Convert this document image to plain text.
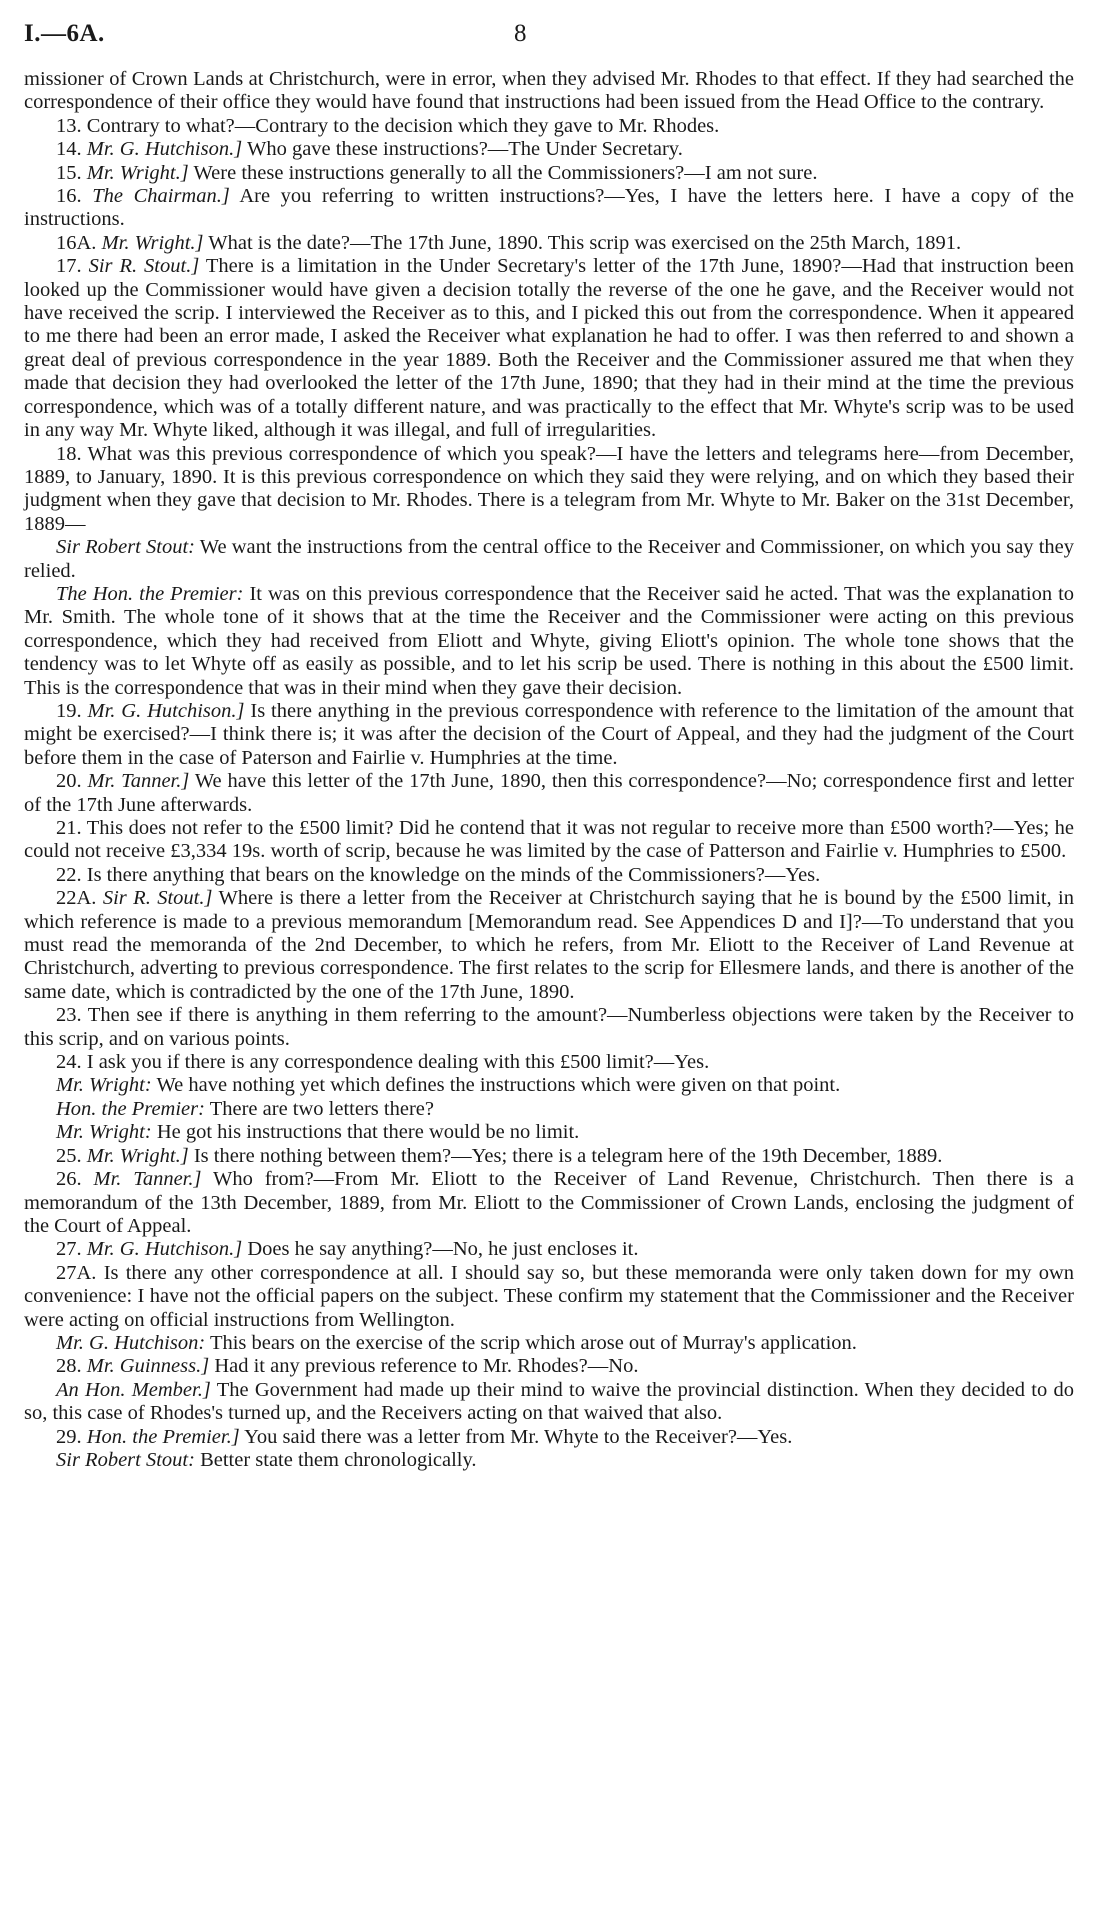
I.—6A.	8

missioner of Crown Lands at Christchurch, were in error, when they advised Mr. Rhodes to that effect. If they had searched the correspondence of their office they would have found that instructions had been issued from the Head Office to the contrary.

13. Contrary to what?—Contrary to the decision which they gave to Mr. Rhodes.

14. Mr. G. Hutchison.] Who gave these instructions?—The Under Secretary.

15. Mr. Wright.] Were these instructions generally to all the Commissioners?—I am not sure.

16. The Chairman.] Are you referring to written instructions?—Yes, I have the letters here. I have a copy of the instructions.

16A. Mr. Wright.] What is the date?—The 17th June, 1890. This scrip was exercised on the 25th March, 1891.

17. Sir R. Stout.] There is a limitation in the Under Secretary's letter of the 17th June, 1890?—Had that instruction been looked up the Commissioner would have given a decision totally the reverse of the one he gave, and the Receiver would not have received the scrip. I interviewed the Receiver as to this, and I picked this out from the correspondence. When it appeared to me there had been an error made, I asked the Receiver what explanation he had to offer. I was then referred to and shown a great deal of previous correspondence in the year 1889. Both the Receiver and the Commissioner assured me that when they made that decision they had overlooked the letter of the 17th June, 1890; that they had in their mind at the time the previous correspondence, which was of a totally different nature, and was practically to the effect that Mr. Whyte's scrip was to be used in any way Mr. Whyte liked, although it was illegal, and full of irregularities.

18. What was this previous correspondence of which you speak?—I have the letters and telegrams here—from December, 1889, to January, 1890. It is this previous correspondence on which they said they were relying, and on which they based their judgment when they gave that decision to Mr. Rhodes. There is a telegram from Mr. Whyte to Mr. Baker on the 31st December, 1889—

Sir Robert Stout: We want the instructions from the central office to the Receiver and Commissioner, on which you say they relied.

The Hon. the Premier: It was on this previous correspondence that the Receiver said he acted. That was the explanation to Mr. Smith. The whole tone of it shows that at the time the Receiver and the Commissioner were acting on this previous correspondence, which they had received from Eliott and Whyte, giving Eliott's opinion. The whole tone shows that the tendency was to let Whyte off as easily as possible, and to let his scrip be used. There is nothing in this about the £500 limit. This is the correspondence that was in their mind when they gave their decision.

19. Mr. G. Hutchison.] Is there anything in the previous correspondence with reference to the limitation of the amount that might be exercised?—I think there is; it was after the decision of the Court of Appeal, and they had the judgment of the Court before them in the case of Paterson and Fairlie v. Humphries at the time.

20. Mr. Tanner.] We have this letter of the 17th June, 1890, then this correspondence?—No; correspondence first and letter of the 17th June afterwards.

21. This does not refer to the £500 limit? Did he contend that it was not regular to receive more than £500 worth?—Yes; he could not receive £3,334 19s. worth of scrip, because he was limited by the case of Patterson and Fairlie v. Humphries to £500.

22. Is there anything that bears on the knowledge on the minds of the Commissioners?—Yes.

22A. Sir R. Stout.] Where is there a letter from the Receiver at Christchurch saying that he is bound by the £500 limit, in which reference is made to a previous memorandum [Memorandum read. See Appendices D and I]?—To understand that you must read the memoranda of the 2nd December, to which he refers, from Mr. Eliott to the Receiver of Land Revenue at Christchurch, adverting to previous correspondence. The first relates to the scrip for Ellesmere lands, and there is another of the same date, which is contradicted by the one of the 17th June, 1890.

23. Then see if there is anything in them referring to the amount?—Numberless objections were taken by the Receiver to this scrip, and on various points.

24. I ask you if there is any correspondence dealing with this £500 limit?—Yes.

Mr. Wright: We have nothing yet which defines the instructions which were given on that point.

Hon. the Premier: There are two letters there?

Mr. Wright: He got his instructions that there would be no limit.

25. Mr. Wright.] Is there nothing between them?—Yes; there is a telegram here of the 19th December, 1889.

26. Mr. Tanner.] Who from?—From Mr. Eliott to the Receiver of Land Revenue, Christchurch. Then there is a memorandum of the 13th December, 1889, from Mr. Eliott to the Commissioner of Crown Lands, enclosing the judgment of the Court of Appeal.

27. Mr. G. Hutchison.] Does he say anything?—No, he just encloses it.

27A. Is there any other correspondence at all. I should say so, but these memoranda were only taken down for my own convenience: I have not the official papers on the subject. These confirm my statement that the Commissioner and the Receiver were acting on official instructions from Wellington.

Mr. G. Hutchison: This bears on the exercise of the scrip which arose out of Murray's application.

28. Mr. Guinness.] Had it any previous reference to Mr. Rhodes?—No.

An Hon. Member.] The Government had made up their mind to waive the provincial distinction. When they decided to do so, this case of Rhodes's turned up, and the Receivers acting on that waived that also.

29. Hon. the Premier.] You said there was a letter from Mr. Whyte to the Receiver?—Yes.

Sir Robert Stout: Better state them chronologically.
